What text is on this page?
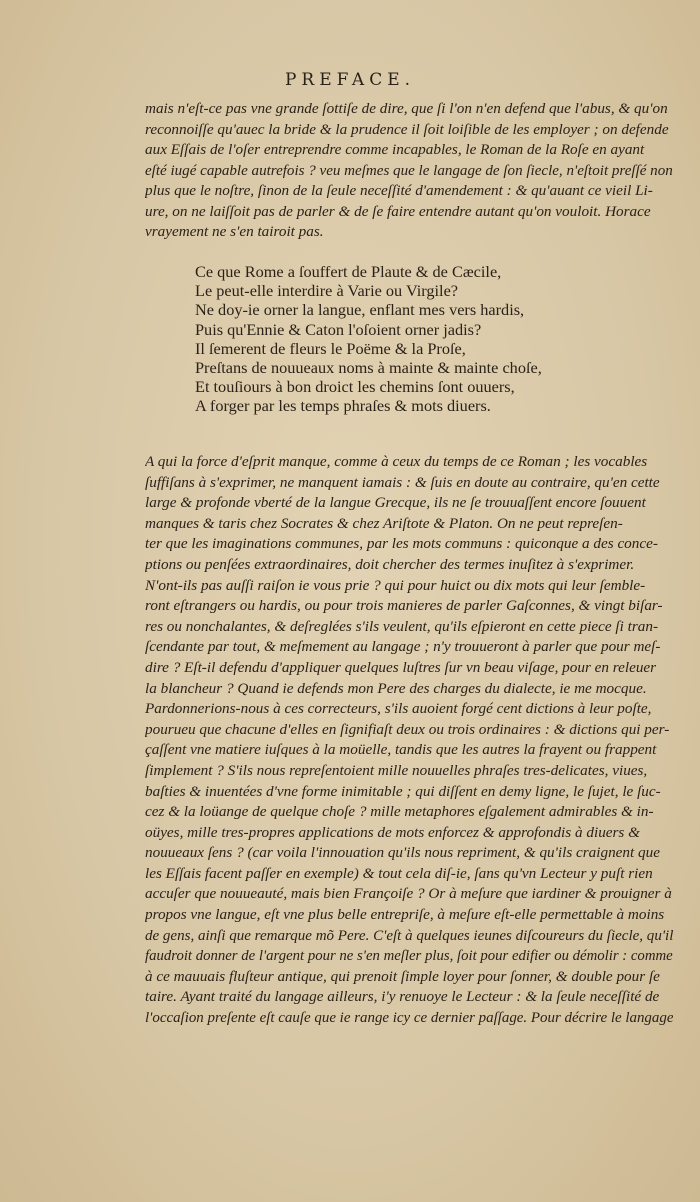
PREFACE.
mais n'eſt-ce pas vne grande ſottiſe de dire, que ſi l'on n'en defend que l'abus, & qu'on
reconnoiſſe qu'auec la bride & la prudence il ſoit loiſible de les employer ; on defende
aux Eſſais de l'oſer entreprendre comme incapables, le Roman de la Roſe en ayant
eſté iugé capable autrefois ? veu meſmes que le langage de ſon ſiecle, n'eſtoit preſſé non
plus que le noſtre, ſinon de la ſeule neceſſité d'amendement : & qu'auant ce vieil Li-
ure, on ne laiſſoit pas de parler & de ſe faire entendre autant qu'on vouloit. Horace
vrayement ne s'en tairoit pas.
Ce que Rome a ſouffert de Plaute & de Cæcile,
Le peut-elle interdire à Varie ou Virgile?
Ne doy-ie orner la langue, enflant mes vers hardis,
Puis qu'Ennie & Caton l'oſoient orner jadis?
Il ſemerent de fleurs le Poëme & la Proſe,
Preſtans de nouueaux noms à mainte & mainte choſe,
Et touſiours à bon droict les chemins ſont ouuers,
A forger par les temps phraſes & mots diuers.
A qui la force d'eſprit manque, comme à ceux du temps de ce Roman ; les vocables
ſuffiſans à s'exprimer, ne manquent iamais : & ſuis en doute au contraire, qu'en cette
large & profonde vberté de la langue Grecque, ils ne ſe trouuaſſent encore ſouuent
manques & taris chez Socrates & chez Ariſtote & Platon. On ne peut repreſen-
ter que les imaginations communes, par les mots communs : quiconque a des conce-
ptions ou penſées extraordinaires, doit chercher des termes inuſitez à s'exprimer.
N'ont-ils pas auſſi raiſon ie vous prie ? qui pour huict ou dix mots qui leur ſemble-
ront eſtrangers ou hardis, ou pour trois manieres de parler Gaſconnes, & vingt biſar-
res ou nonchalantes, & deſreglées s'ils veulent, qu'ils eſpieront en cette piece ſi tran-
ſcendante par tout, & meſmement au langage ; n'y trouueront à parler que pour meſ-
dire ? Eſt-il defendu d'appliquer quelques luſtres ſur vn beau viſage, pour en releuer
la blancheur ? Quand ie defends mon Pere des charges du dialecte, ie me mocque.
Pardonnerions-nous à ces correcteurs, s'ils auoient forgé cent dictions à leur poſte,
pourueu que chacune d'elles en ſignifiaſt deux ou trois ordinaires : & dictions qui per-
çaſſent vne matiere iuſques à la moüelle, tandis que les autres la frayent ou frappent
ſimplement ? S'ils nous repreſentoient mille nouuelles phraſes tres-delicates, viues,
baſties & inuentées d'vne forme inimitable ; qui diſſent en demy ligne, le ſujet, le ſuc-
cez & la loüange de quelque choſe ? mille metaphores eſgalement admirables & in-
oüyes, mille tres-propres applications de mots enforcez & approfondis à diuers &
nouueaux ſens ? (car voila l'innouation qu'ils nous repriment, & qu'ils craignent que
les Eſſais facent paſſer en exemple) & tout cela diſ-ie, ſans qu'vn Lecteur y puſt rien
accuſer que nouueauté, mais bien Françoiſe ? Or à meſure que iardiner & prouigner à
propos vne langue, eſt vne plus belle entrepriſe, à meſure eſt-elle permettable à moins
de gens, ainſi que remarque mõ Pere. C'eſt à quelques ieunes diſcoureurs du ſiecle, qu'il
faudroit donner de l'argent pour ne s'en meſler plus, ſoit pour edifier ou démolir : comme
à ce mauuais fluſteur antique, qui prenoit ſimple loyer pour ſonner, & double pour ſe
taire. Ayant traité du langage ailleurs, i'y renuoye le Lecteur : & la ſeule neceſſité de
l'occaſion preſente eſt cauſe que ie range icy ce dernier paſſage. Pour décrire le langage
